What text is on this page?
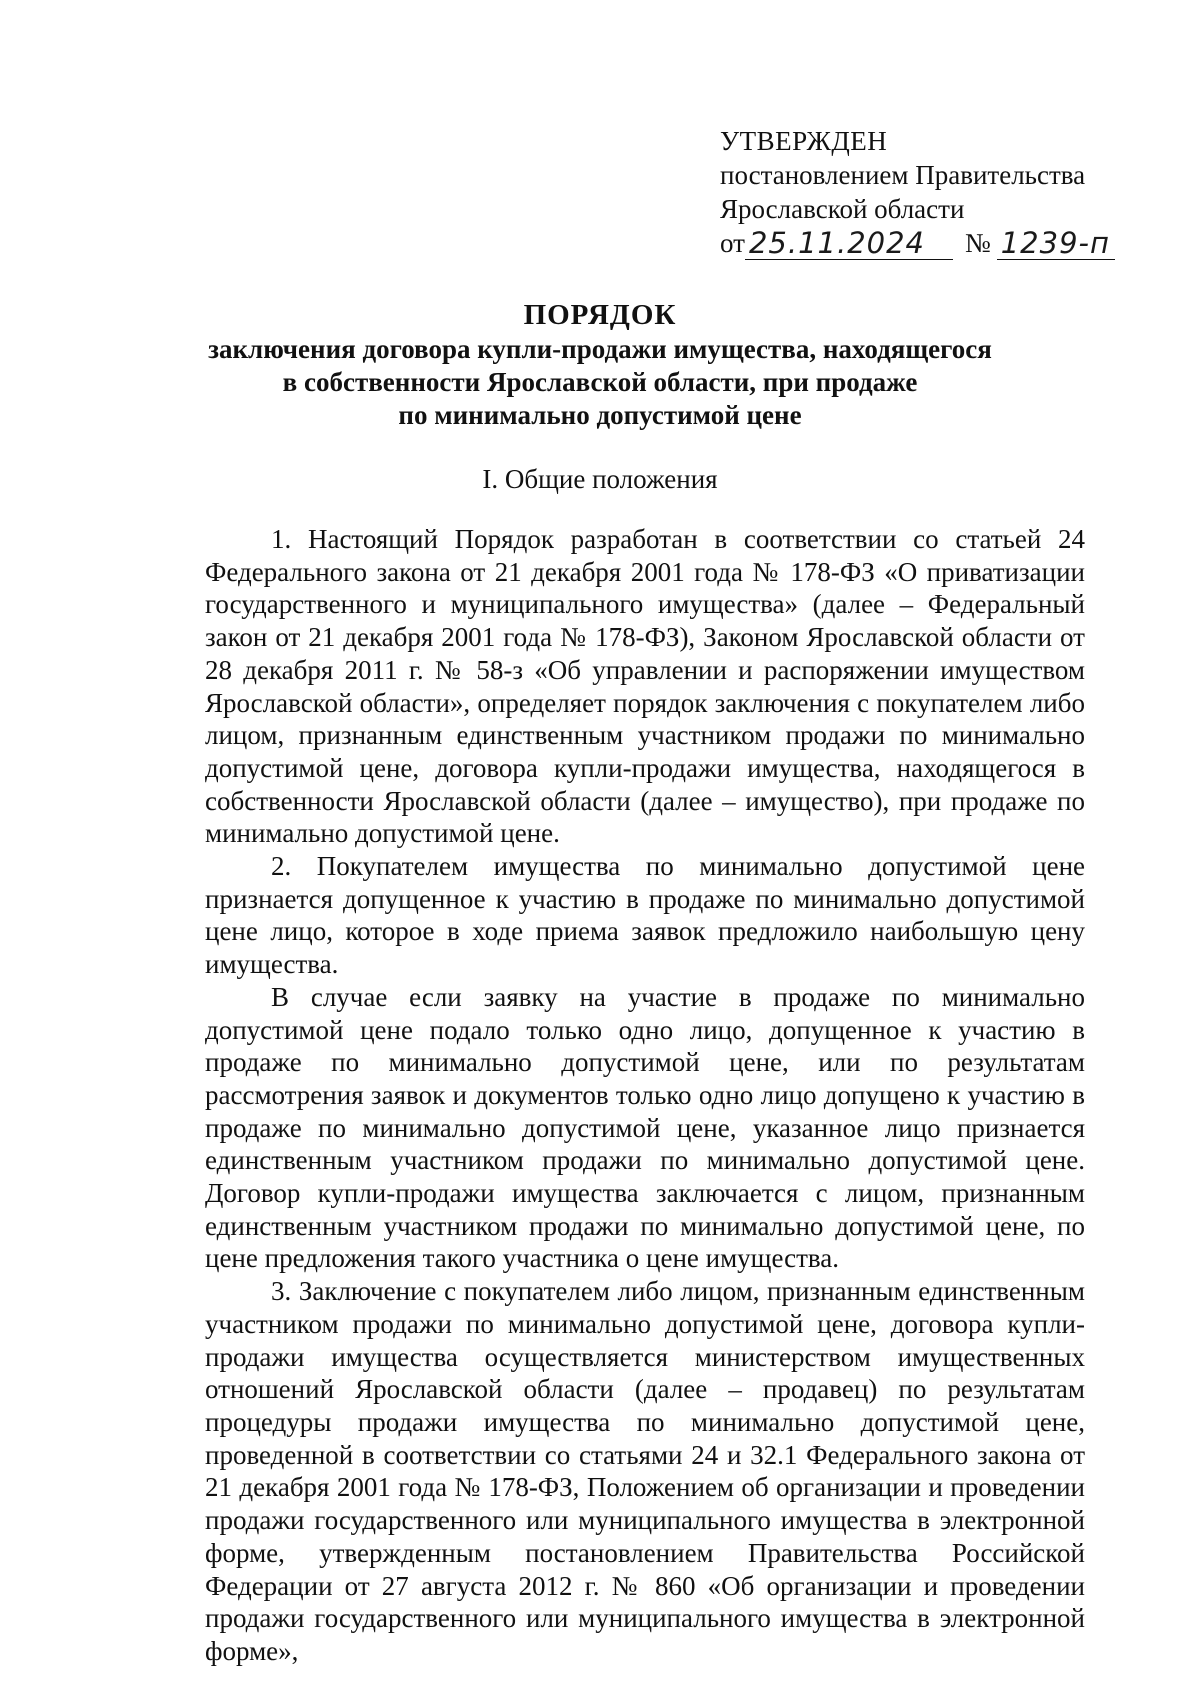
УТВЕРЖДЕН
постановлением Правительства
Ярославской области
от 25.11.2024	№ 1239-п
ПОРЯДОК
заключения договора купли-продажи имущества, находящегося
в собственности Ярославской области, при продаже
по минимально допустимой цене
I. Общие положения

1. Настоящий Порядок разработан в соответствии со статьей 24 Федерального закона от 21 декабря 2001 года № 178-ФЗ «О приватизации государственного и муниципального имущества» (далее – Федеральный закон от 21 декабря 2001 года № 178-ФЗ), Законом Ярославской области от 28 декабря 2011 г. № 58-з «Об управлении и распоряжении имуществом Ярославской области», определяет порядок заключения с покупателем либо лицом, признанным единственным участником продажи по минимально допустимой цене, договора купли-продажи имущества, находящегося в собственности Ярославской области (далее – имущество), при продаже по минимально допустимой цене.

2. Покупателем имущества по минимально допустимой цене признается допущенное к участию в продаже по минимально допустимой цене лицо, которое в ходе приема заявок предложило наибольшую цену имущества.

В случае если заявку на участие в продаже по минимально допустимой цене подало только одно лицо, допущенное к участию в продаже по минимально допустимой цене, или по результатам рассмотрения заявок и документов только одно лицо допущено к участию в продаже по минимально допустимой цене, указанное лицо признается единственным участником продажи по минимально допустимой цене. Договор купли-продажи имущества заключается с лицом, признанным единственным участником продажи по минимально допустимой цене, по цене предложения такого участника о цене имущества.

3. Заключение с покупателем либо лицом, признанным единственным участником продажи по минимально допустимой цене, договора купли-продажи имущества осуществляется министерством имущественных отношений Ярославской области (далее – продавец) по результатам процедуры продажи имущества по минимально допустимой цене, проведенной в соответствии со статьями 24 и 32.1 Федерального закона от 21 декабря 2001 года № 178-ФЗ, Положением об организации и проведении продажи государственного или муниципального имущества в электронной форме, утвержденным постановлением Правительства Российской Федерации от 27 августа 2012 г. № 860 «Об организации и проведении продажи государственного или муниципального имущества в электронной форме»,
